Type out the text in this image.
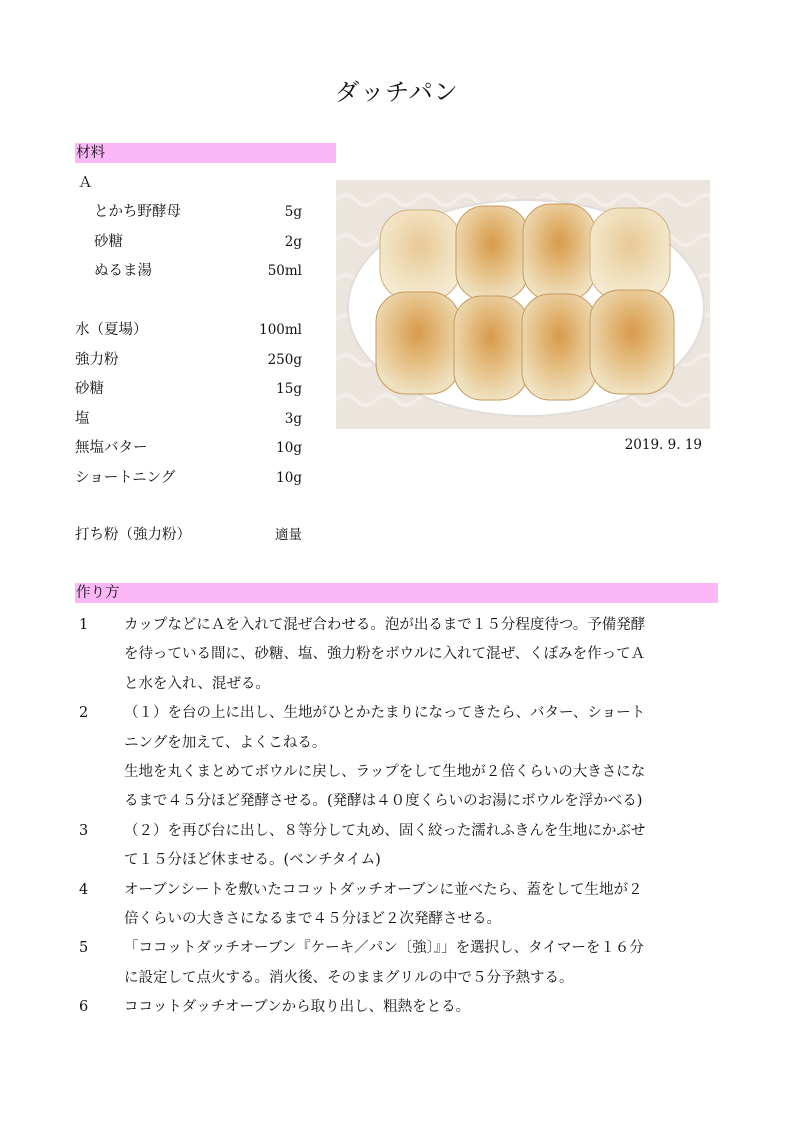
ダッチパン
材料
Ａ
とかち野酵母	5g
砂糖	2g
ぬるま湯	50ml
水（夏場）	100ml
強力粉	250g
砂糖	15g
塩	3g
無塩バター	10g
ショートニング	10g
打ち粉（強力粉）	適量
2019. 9. 19
作り方
1 カップなどにＡを入れて混ぜ合わせる。泡が出るまで１５分程度待つ。予備発酵
を待っている間に、砂糖、塩、強力粉をボウルに入れて混ぜ、くぼみを作ってＡ
と水を入れ、混ぜる。
2 （１）を台の上に出し、生地がひとかたまりになってきたら、バター、ショート
ニングを加えて、よくこねる。
生地を丸くまとめてボウルに戻し、ラップをして生地が２倍くらいの大きさにな
るまで４５分ほど発酵させる。(発酵は４０度くらいのお湯にボウルを浮かべる)
3 （２）を再び台に出し、８等分して丸め、固く絞った濡れふきんを生地にかぶせ
て１５分ほど休ませる。(ベンチタイム)
4 オーブンシートを敷いたココットダッチオーブンに並べたら、蓋をして生地が２
倍くらいの大きさになるまで４５分ほど２次発酵させる。
5 「ココットダッチオーブン『ケーキ／パン〔強〕』」を選択し、タイマーを１６分
に設定して点火する。消火後、そのままグリルの中で５分予熱する。
6 ココットダッチオーブンから取り出し、粗熱をとる。
